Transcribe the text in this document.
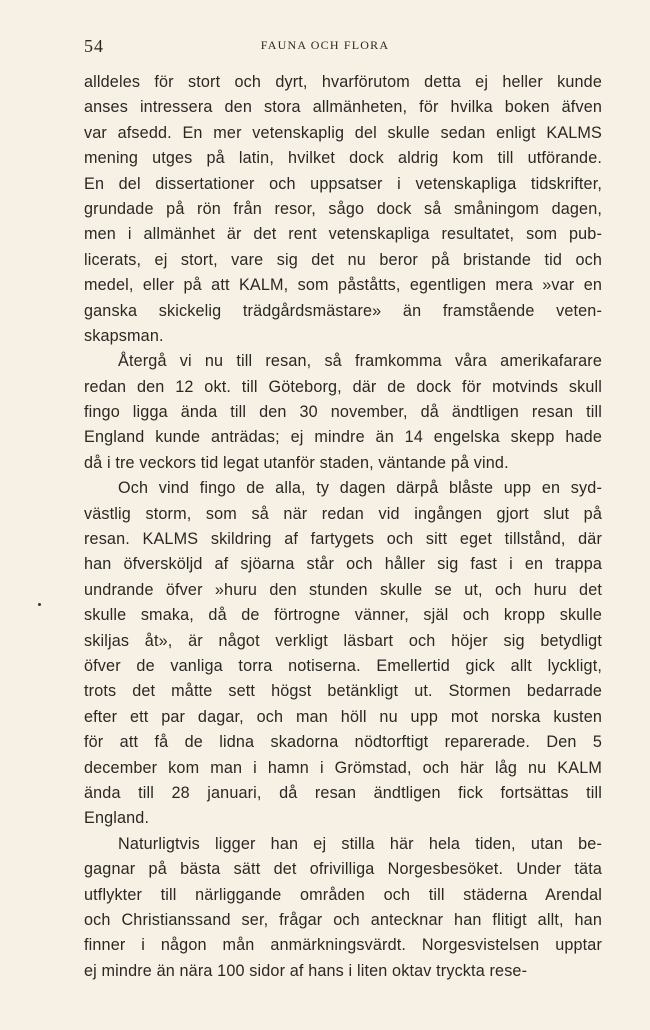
54	FAUNA OCH FLORA
alldeles för stort och dyrt, hvarförutom detta ej heller kunde
anses intressera den stora allmänheten, för hvilka boken äfven
var afsedd. En mer vetenskaplig del skulle sedan enligt KALMS
mening utges på latin, hvilket dock aldrig kom till utförande.
En del dissertationer och uppsatser i vetenskapliga tidskrifter,
grundade på rön från resor, sågo dock så småningom dagen,
men i allmänhet är det rent vetenskapliga resultatet, som pub-
licerats, ej stort, vare sig det nu beror på bristande tid och
medel, eller på att KALM, som påståtts, egentligen mera »var en
ganska skickelig trädgårdsmästare» än framstående veten-
skapsman.
Återgå vi nu till resan, så framkomma våra amerikafarare
redan den 12 okt. till Göteborg, där de dock för motvinds skull
fingo ligga ända till den 30 november, då ändtligen resan till
England kunde anträdas; ej mindre än 14 engelska skepp hade
då i tre veckors tid legat utanför staden, väntande på vind.
Och vind fingo de alla, ty dagen därpå blåste upp en syd-
västlig storm, som så när redan vid ingången gjort slut på
resan. KALMS skildring af fartygets och sitt eget tillstånd, där
han öfversköljd af sjöarna står och håller sig fast i en trappa
undrande öfver »huru den stunden skulle se ut, och huru det
skulle smaka, då de förtrogne vänner, själ och kropp skulle
skiljas åt», är något verkligt läsbart och höjer sig betydligt
öfver de vanliga torra notiserna. Emellertid gick allt lyckligt,
trots det måtte sett högst betänkligt ut. Stormen bedarrade
efter ett par dagar, och man höll nu upp mot norska kusten
för att få de lidna skadorna nödtorftigt reparerade. Den 5
december kom man i hamn i Grömstad, och här låg nu KALM
ända till 28 januari, då resan ändtligen fick fortsättas till
England.
Naturligtvis ligger han ej stilla här hela tiden, utan be-
gagnar på bästa sätt det ofrivilliga Norgesbesöket. Under täta
utflykter till närliggande områden och till städerna Arendal
och Christianssand ser, frågar och antecknar han flitigt allt, han
finner i någon mån anmärkningsvärdt. Norgesvistelsen upptar
ej mindre än nära 100 sidor af hans i liten oktav tryckta rese-
